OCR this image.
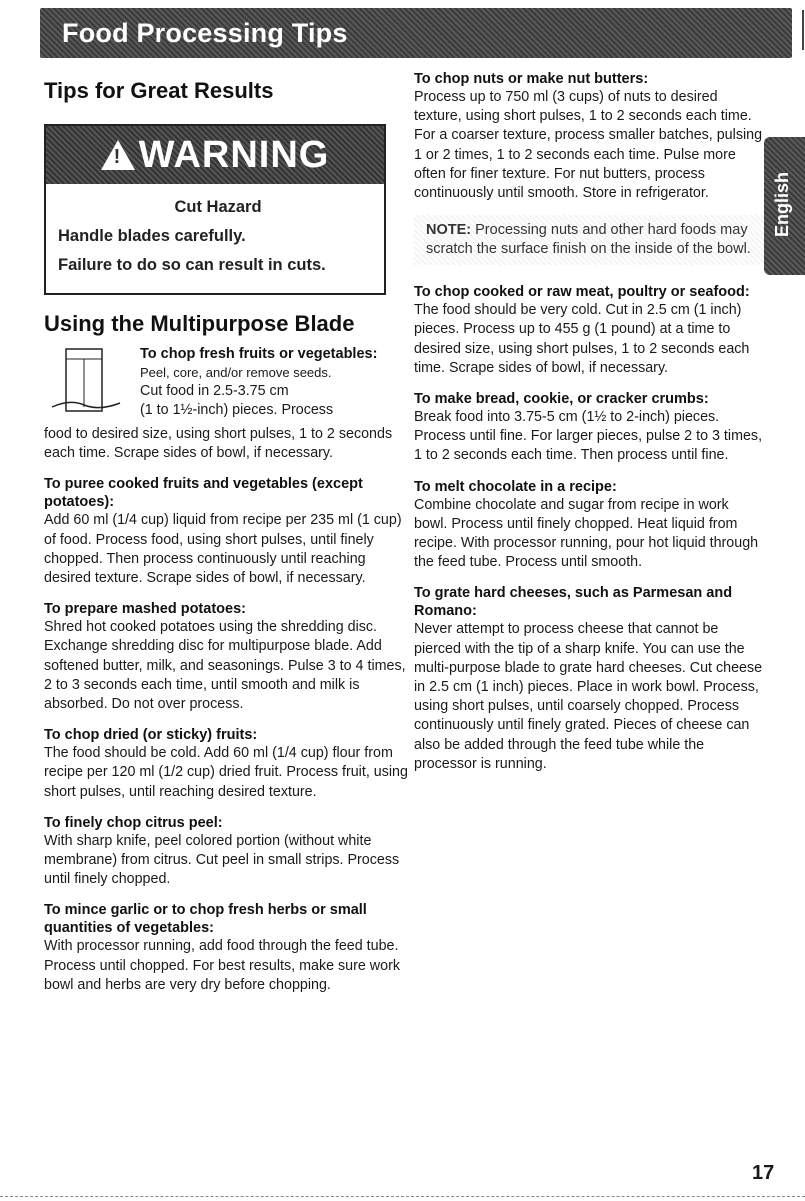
Food Processing Tips
English
Tips for Great Results
! WARNING
Cut Hazard
Handle blades carefully.
Failure to do so can result in cuts.
Using the Multipurpose Blade
To chop fresh fruits or vegetables:

Peel, core, and/or remove seeds.

Cut food in 2.5-3.75 cm

(1 to 1½-inch) pieces. Process

food to desired size, using short pulses, 1 to 2 seconds each time. Scrape sides of bowl, if necessary.

To puree cooked fruits and vegetables (except potatoes):

Add 60 ml (1/4 cup) liquid from recipe per 235 ml (1 cup) of food. Process food, using short pulses, until finely chopped. Then process continuously until reaching desired texture. Scrape sides of bowl, if necessary.

To prepare mashed potatoes:

Shred hot cooked potatoes using the shredding disc. Exchange shredding disc for multipurpose blade. Add softened butter, milk, and seasonings. Pulse 3 to 4 times, 2 to 3 seconds each time, until smooth and milk is absorbed. Do not over process.

To chop dried (or sticky) fruits:

The food should be cold. Add 60 ml (1/4 cup) flour from recipe per 120 ml (1/2 cup) dried fruit. Process fruit, using short pulses, until reaching desired texture.

To finely chop citrus peel:

With sharp knife, peel colored portion (without white membrane) from citrus. Cut peel in small strips. Process until finely chopped.

To mince garlic or to chop fresh herbs or small quantities of vegetables:

With processor running, add food through the feed tube. Process until chopped. For best results, make sure work bowl and herbs are very dry before chopping.

To chop nuts or make nut butters:

Process up to 750 ml (3 cups) of nuts to desired texture, using short pulses, 1 to 2 seconds each time. For a coarser texture, process smaller batches, pulsing 1 or 2 times, 1 to 2 seconds each time. Pulse more often for finer texture. For nut butters, process continuously until smooth. Store in refrigerator.

NOTE: Processing nuts and other hard foods may scratch the surface finish on the inside of the bowl.
To chop cooked or raw meat, poultry or seafood:

The food should be very cold. Cut in 2.5 cm (1 inch) pieces. Process up to 455 g (1 pound) at a time to desired size, using short pulses, 1 to 2 seconds each time. Scrape sides of bowl, if necessary.

To make bread, cookie, or cracker crumbs:

Break food into 3.75-5 cm (1½ to 2-inch) pieces. Process until fine. For larger pieces, pulse 2 to 3 times, 1 to 2 seconds each time. Then process until fine.

To melt chocolate in a recipe:

Combine chocolate and sugar from recipe in work bowl. Process until finely chopped. Heat liquid from recipe. With processor running, pour hot liquid through the feed tube. Process until smooth.

To grate hard cheeses, such as Parmesan and Romano:

Never attempt to process cheese that cannot be pierced with the tip of a sharp knife. You can use the multi-purpose blade to grate hard cheeses. Cut cheese in 2.5 cm (1 inch) pieces. Place in work bowl. Process, using short pulses, until coarsely chopped. Process continuously until finely grated. Pieces of cheese can also be added through the feed tube while the processor is running.

17
